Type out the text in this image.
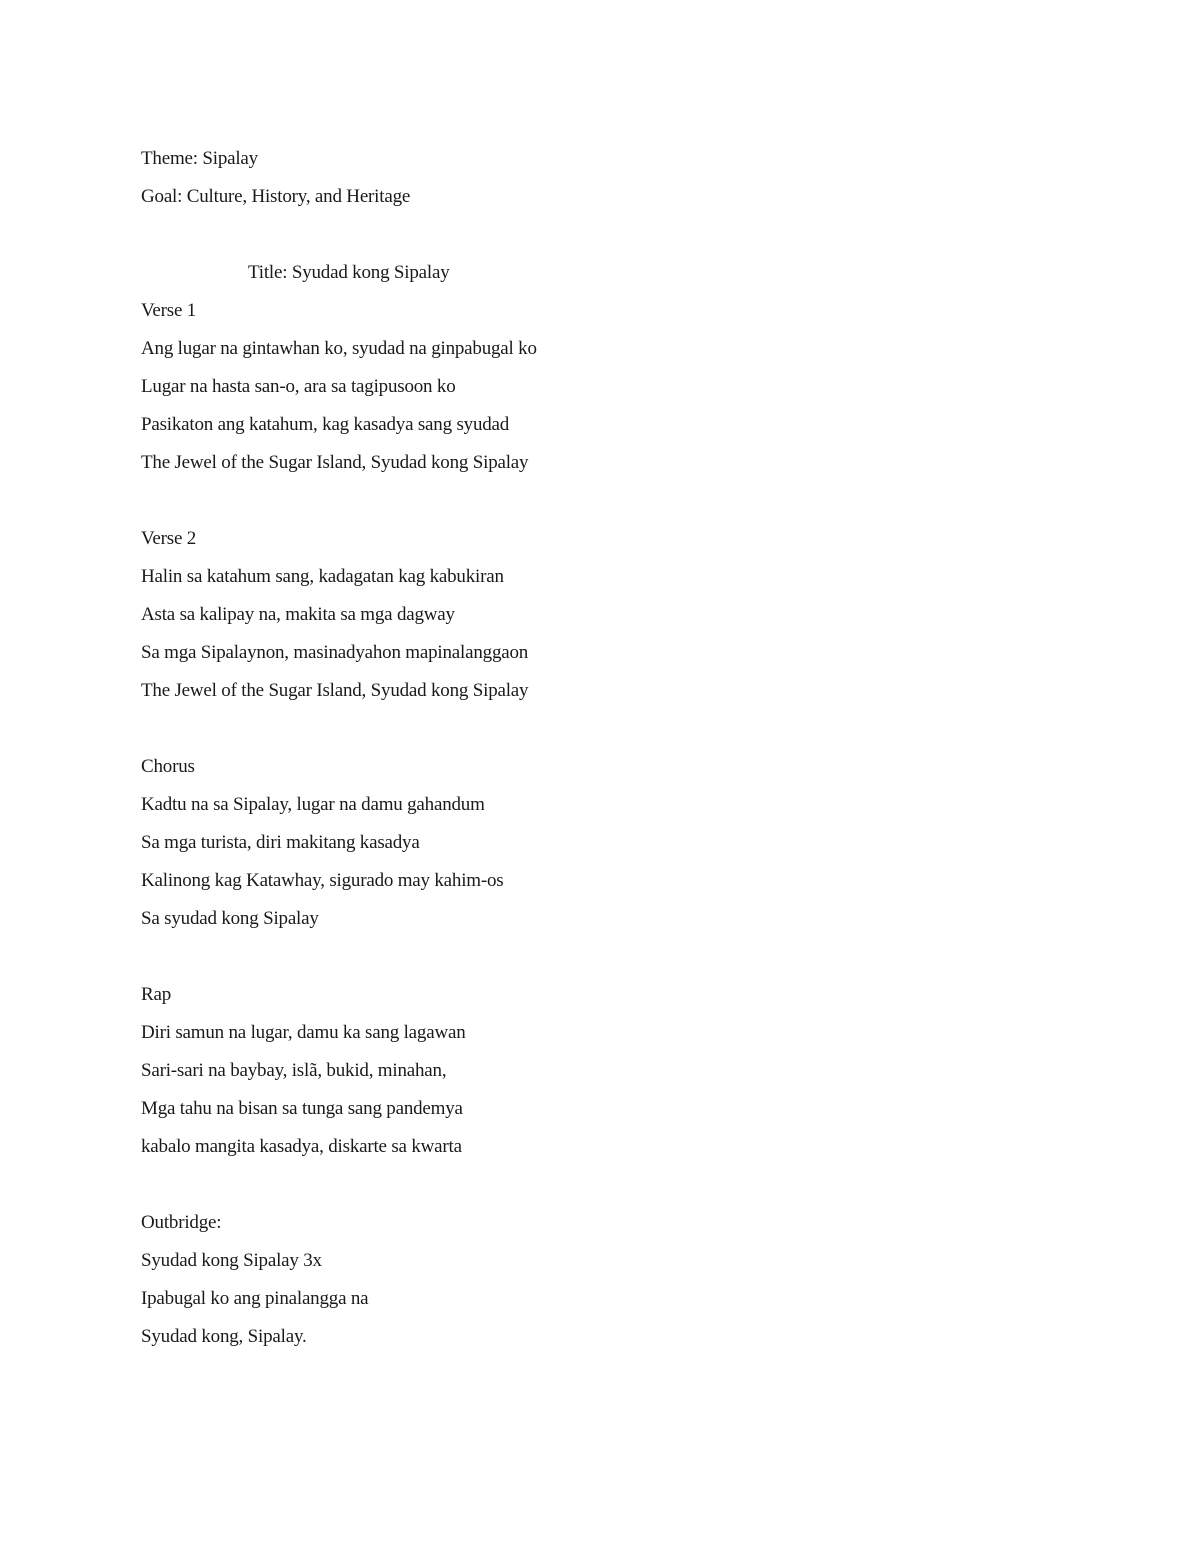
Theme: Sipalay
Goal: Culture, History, and Heritage
Title: Syudad kong Sipalay
Verse 1
Ang lugar na gintawhan ko, syudad na ginpabugal ko
Lugar na hasta san-o, ara sa tagipusoon ko
Pasikaton ang katahum, kag kasadya sang syudad
The Jewel of the Sugar Island, Syudad kong Sipalay
Verse 2
Halin sa katahum sang, kadagatan kag kabukiran
Asta sa kalipay na, makita sa mga dagway
Sa mga Sipalaynon, masinadyahon mapinalanggaon
The Jewel of the Sugar Island, Syudad kong Sipalay
Chorus
Kadtu na sa Sipalay, lugar na damu gahandum
Sa mga turista, diri makitang kasadya
Kalinong kag Katawhay, sigurado may kahim-os
Sa syudad kong Sipalay
Rap
Diri samun na lugar, damu ka sang lagawan
Sari-sari na baybay, islã, bukid, minahan,
Mga tahu na bisan sa tunga sang pandemya
kabalo mangita kasadya, diskarte sa kwarta
Outbridge:
Syudad kong Sipalay 3x
Ipabugal ko ang pinalangga na
Syudad kong, Sipalay.
